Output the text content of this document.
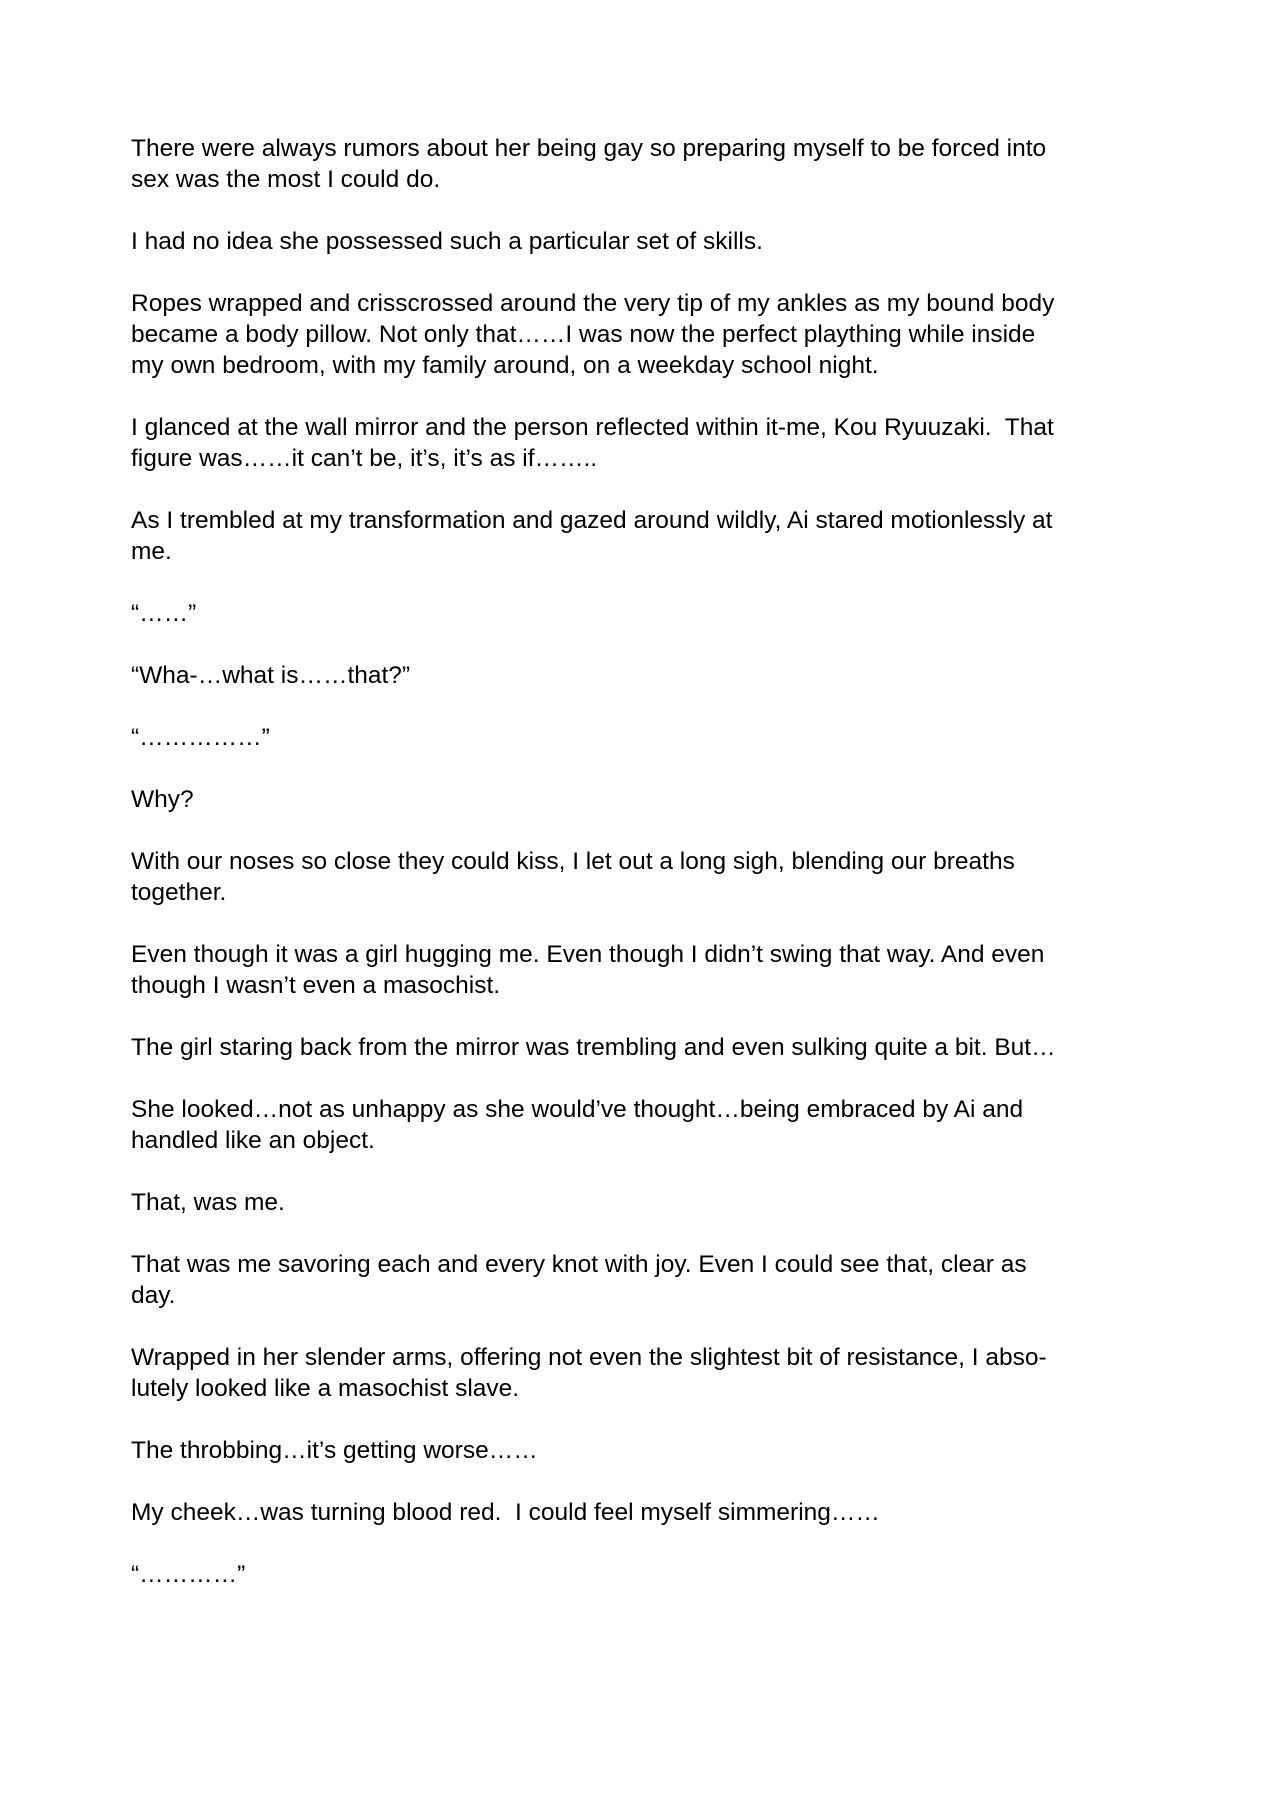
There were always rumors about her being gay so preparing myself to be forced into
sex was the most I could do.
I had no idea she possessed such a particular set of skills.
Ropes wrapped and crisscrossed around the very tip of my ankles as my bound body
became a body pillow. Not only that……I was now the perfect plaything while inside
my own bedroom, with my family around, on a weekday school night.
I glanced at the wall mirror and the person reflected within it-me, Kou Ryuuzaki.  That
figure was……it can’t be, it’s, it’s as if……..
As I trembled at my transformation and gazed around wildly, Ai stared motionlessly at
me.
“……”
“Wha-…what is……that?”
“……………”
Why?
With our noses so close they could kiss, I let out a long sigh, blending our breaths
together.
Even though it was a girl hugging me. Even though I didn’t swing that way. And even
though I wasn’t even a masochist.
The girl staring back from the mirror was trembling and even sulking quite a bit. But…
She looked…not as unhappy as she would’ve thought…being embraced by Ai and
handled like an object.
That, was me.
That was me savoring each and every knot with joy. Even I could see that, clear as
day.
Wrapped in her slender arms, offering not even the slightest bit of resistance, I abso-
lutely looked like a masochist slave.
The throbbing…it’s getting worse……
My cheek…was turning blood red.  I could feel myself simmering……
“…………”
